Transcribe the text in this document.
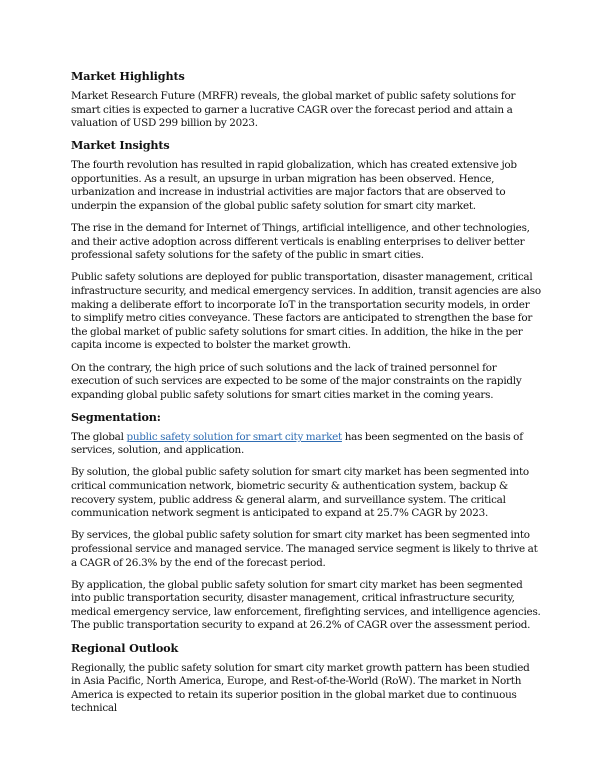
Market Highlights

Market Research Future (MRFR) reveals, the global market of public safety solutions for smart cities is expected to garner a lucrative CAGR over the forecast period and attain a valuation of USD 299 billion by 2023.

Market Insights

The fourth revolution has resulted in rapid globalization, which has created extensive job opportunities. As a result, an upsurge in urban migration has been observed. Hence, urbanization and increase in industrial activities are major factors that are observed to underpin the expansion of the global public safety solution for smart city market.

The rise in the demand for Internet of Things, artificial intelligence, and other technologies, and their active adoption across different verticals is enabling enterprises to deliver better professional safety solutions for the safety of the public in smart cities.

Public safety solutions are deployed for public transportation, disaster management, critical infrastructure security, and medical emergency services. In addition, transit agencies are also making a deliberate effort to incorporate IoT in the transportation security models, in order to simplify metro cities conveyance. These factors are anticipated to strengthen the base for the global market of public safety solutions for smart cities. In addition, the hike in the per capita income is expected to bolster the market growth.

On the contrary, the high price of such solutions and the lack of trained personnel for execution of such services are expected to be some of the major constraints on the rapidly expanding global public safety solutions for smart cities market in the coming years.

Segmentation:

The global public safety solution for smart city market has been segmented on the basis of services, solution, and application.

By solution, the global public safety solution for smart city market has been segmented into critical communication network, biometric security & authentication system, backup & recovery system, public address & general alarm, and surveillance system. The critical communication network segment is anticipated to expand at 25.7% CAGR by 2023.

By services, the global public safety solution for smart city market has been segmented into professional service and managed service. The managed service segment is likely to thrive at a CAGR of 26.3% by the end of the forecast period.

By application, the global public safety solution for smart city market has been segmented into public transportation security, disaster management, critical infrastructure security, medical emergency service, law enforcement, firefighting services, and intelligence agencies. The public transportation security to expand at 26.2% of CAGR over the assessment period.

Regional Outlook

Regionally, the public safety solution for smart city market growth pattern has been studied in Asia Pacific, North America, Europe, and Rest-of-the-World (RoW). The market in North America is expected to retain its superior position in the global market due to continuous technical
